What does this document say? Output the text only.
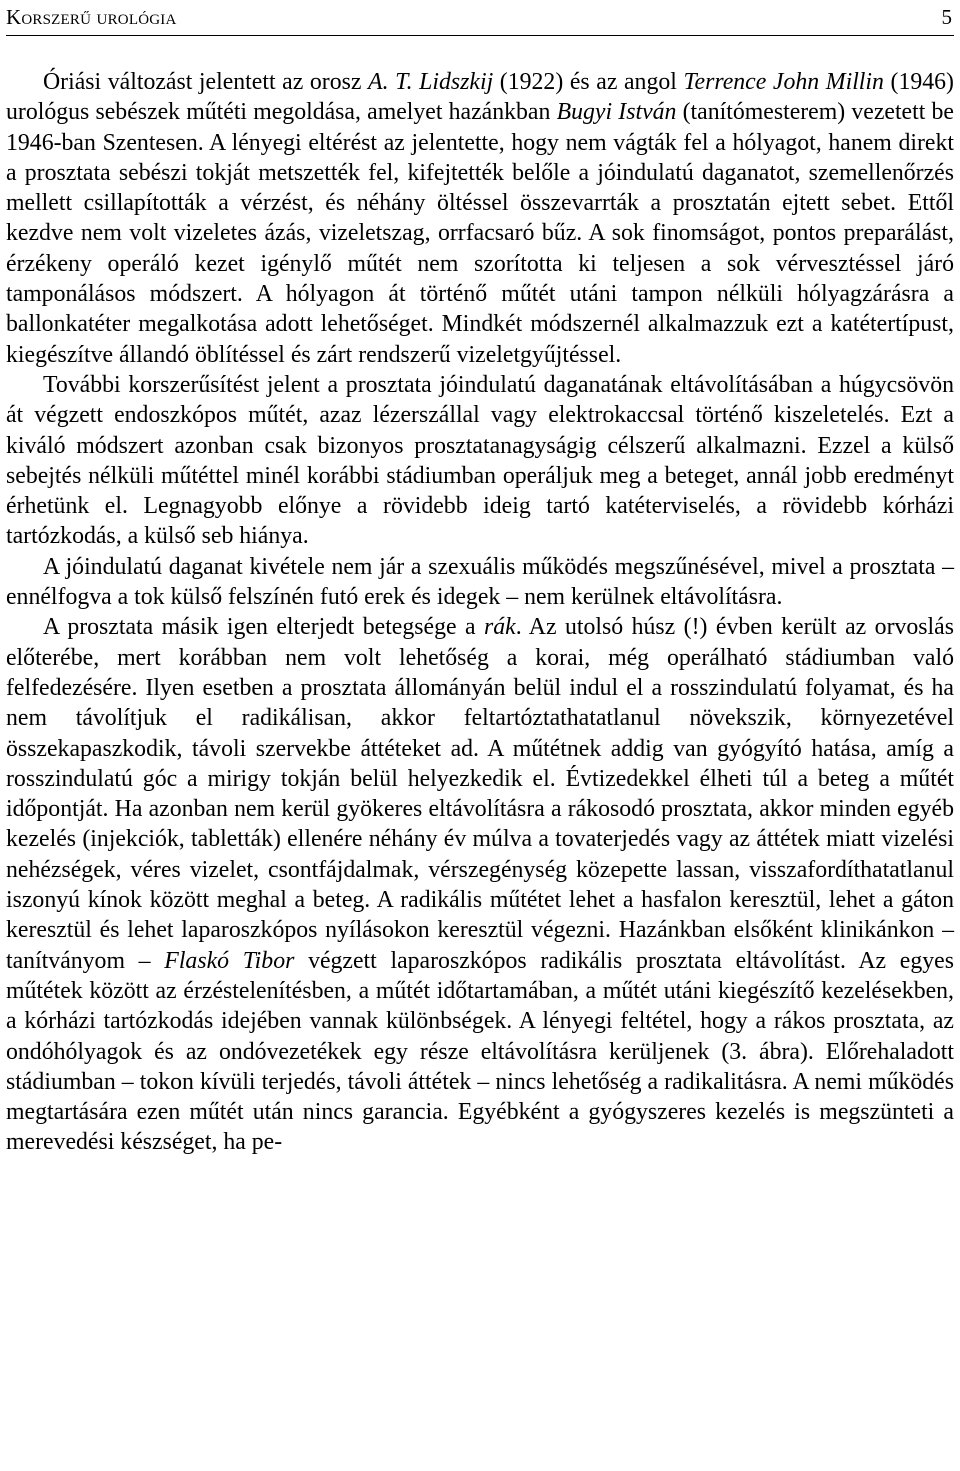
Korszerű urológia	5

Óriási változást jelentett az orosz A. T. Lidszkij (1922) és az angol Terrence John Millin (1946) urológus sebészek műtéti megoldása, amelyet hazánkban Bugyi István (tanítómesterem) vezetett be 1946-ban Szentesen. A lényegi eltérést az jelentette, hogy nem vágták fel a hólyagot, hanem direkt a prosztata sebészi tokját metszették fel, kifejtették belőle a jóindulatú daganatot, szemellenőrzés mellett csillapították a vérzést, és néhány öltéssel összevarrták a prosztatán ejtett sebet. Ettől kezdve nem volt vizeletes ázás, vizeletszag, orrfacsaró bűz. A sok finomságot, pontos preparálást, érzékeny operáló kezet igénylő műtét nem szorította ki teljesen a sok vérvesztéssel járó tamponálásos módszert. A hólyagon át történő műtét utáni tampon nélküli hólyagzárásra a ballonkatéter megalkotása adott lehetőséget. Mindkét módszernél alkalmazzuk ezt a katétertípust, kiegészítve állandó öblítéssel és zárt rendszerű vizeletgyűjtéssel.

További korszerűsítést jelent a prosztata jóindulatú daganatának eltávolításában a húgycsövön át végzett endoszkópos műtét, azaz lézerszállal vagy elektrokaccsal történő kiszeletelés. Ezt a kiváló módszert azonban csak bizonyos prosztatanagyságig célszerű alkalmazni. Ezzel a külső sebejtés nélküli műtéttel minél korábbi stádiumban operáljuk meg a beteget, annál jobb eredményt érhetünk el. Legnagyobb előnye a rövidebb ideig tartó katéterviselés, a rövidebb kórházi tartózkodás, a külső seb hiánya.

A jóindulatú daganat kivétele nem jár a szexuális működés megszűnésével, mivel a prosztata – ennélfogva a tok külső felszínén futó erek és idegek – nem kerülnek eltávolításra.

A prosztata másik igen elterjedt betegsége a rák. Az utolsó húsz (!) évben került az orvoslás előterébe, mert korábban nem volt lehetőség a korai, még operálható stádiumban való felfedezésére. Ilyen esetben a prosztata állományán belül indul el a rosszindulatú folyamat, és ha nem távolítjuk el radikálisan, akkor feltartóztathatatlanul növekszik, környezetével összekapaszkodik, távoli szervekbe áttéteket ad. A műtétnek addig van gyógyító hatása, amíg a rosszindulatú góc a mirigy tokján belül helyezkedik el. Évtizedekkel élheti túl a beteg a műtét időpontját. Ha azonban nem kerül gyökeres eltávolításra a rákosodó prosztata, akkor minden egyéb kezelés (injekciók, tabletták) ellenére néhány év múlva a tovaterjedés vagy az áttétek miatt vizelési nehézségek, véres vizelet, csontfájdalmak, vérszegénység közepette lassan, visszafordíthatatlanul iszonyú kínok között meghal a beteg. A radikális műtétet lehet a hasfalon keresztül, lehet a gáton keresztül és lehet laparoszkópos nyílásokon keresztül végezni. Hazánkban elsőként klinikánkon – tanítványom – Flaskó Tibor végzett laparoszkópos radikális prosztata eltávolítást. Az egyes műtétek között az érzéstelenítésben, a műtét időtartamában, a műtét utáni kiegészítő kezelésekben, a kórházi tartózkodás idejében vannak különbségek. A lényegi feltétel, hogy a rákos prosztata, az ondóhólyagok és az ondóvezetékek egy része eltávolításra kerüljenek (3. ábra). Előrehaladott stádiumban – tokon kívüli terjedés, távoli áttétek – nincs lehetőség a radikalitásra. A nemi működés megtartására ezen műtét után nincs garancia. Egyébként a gyógyszeres kezelés is megszünteti a merevedési készséget, ha pe-
